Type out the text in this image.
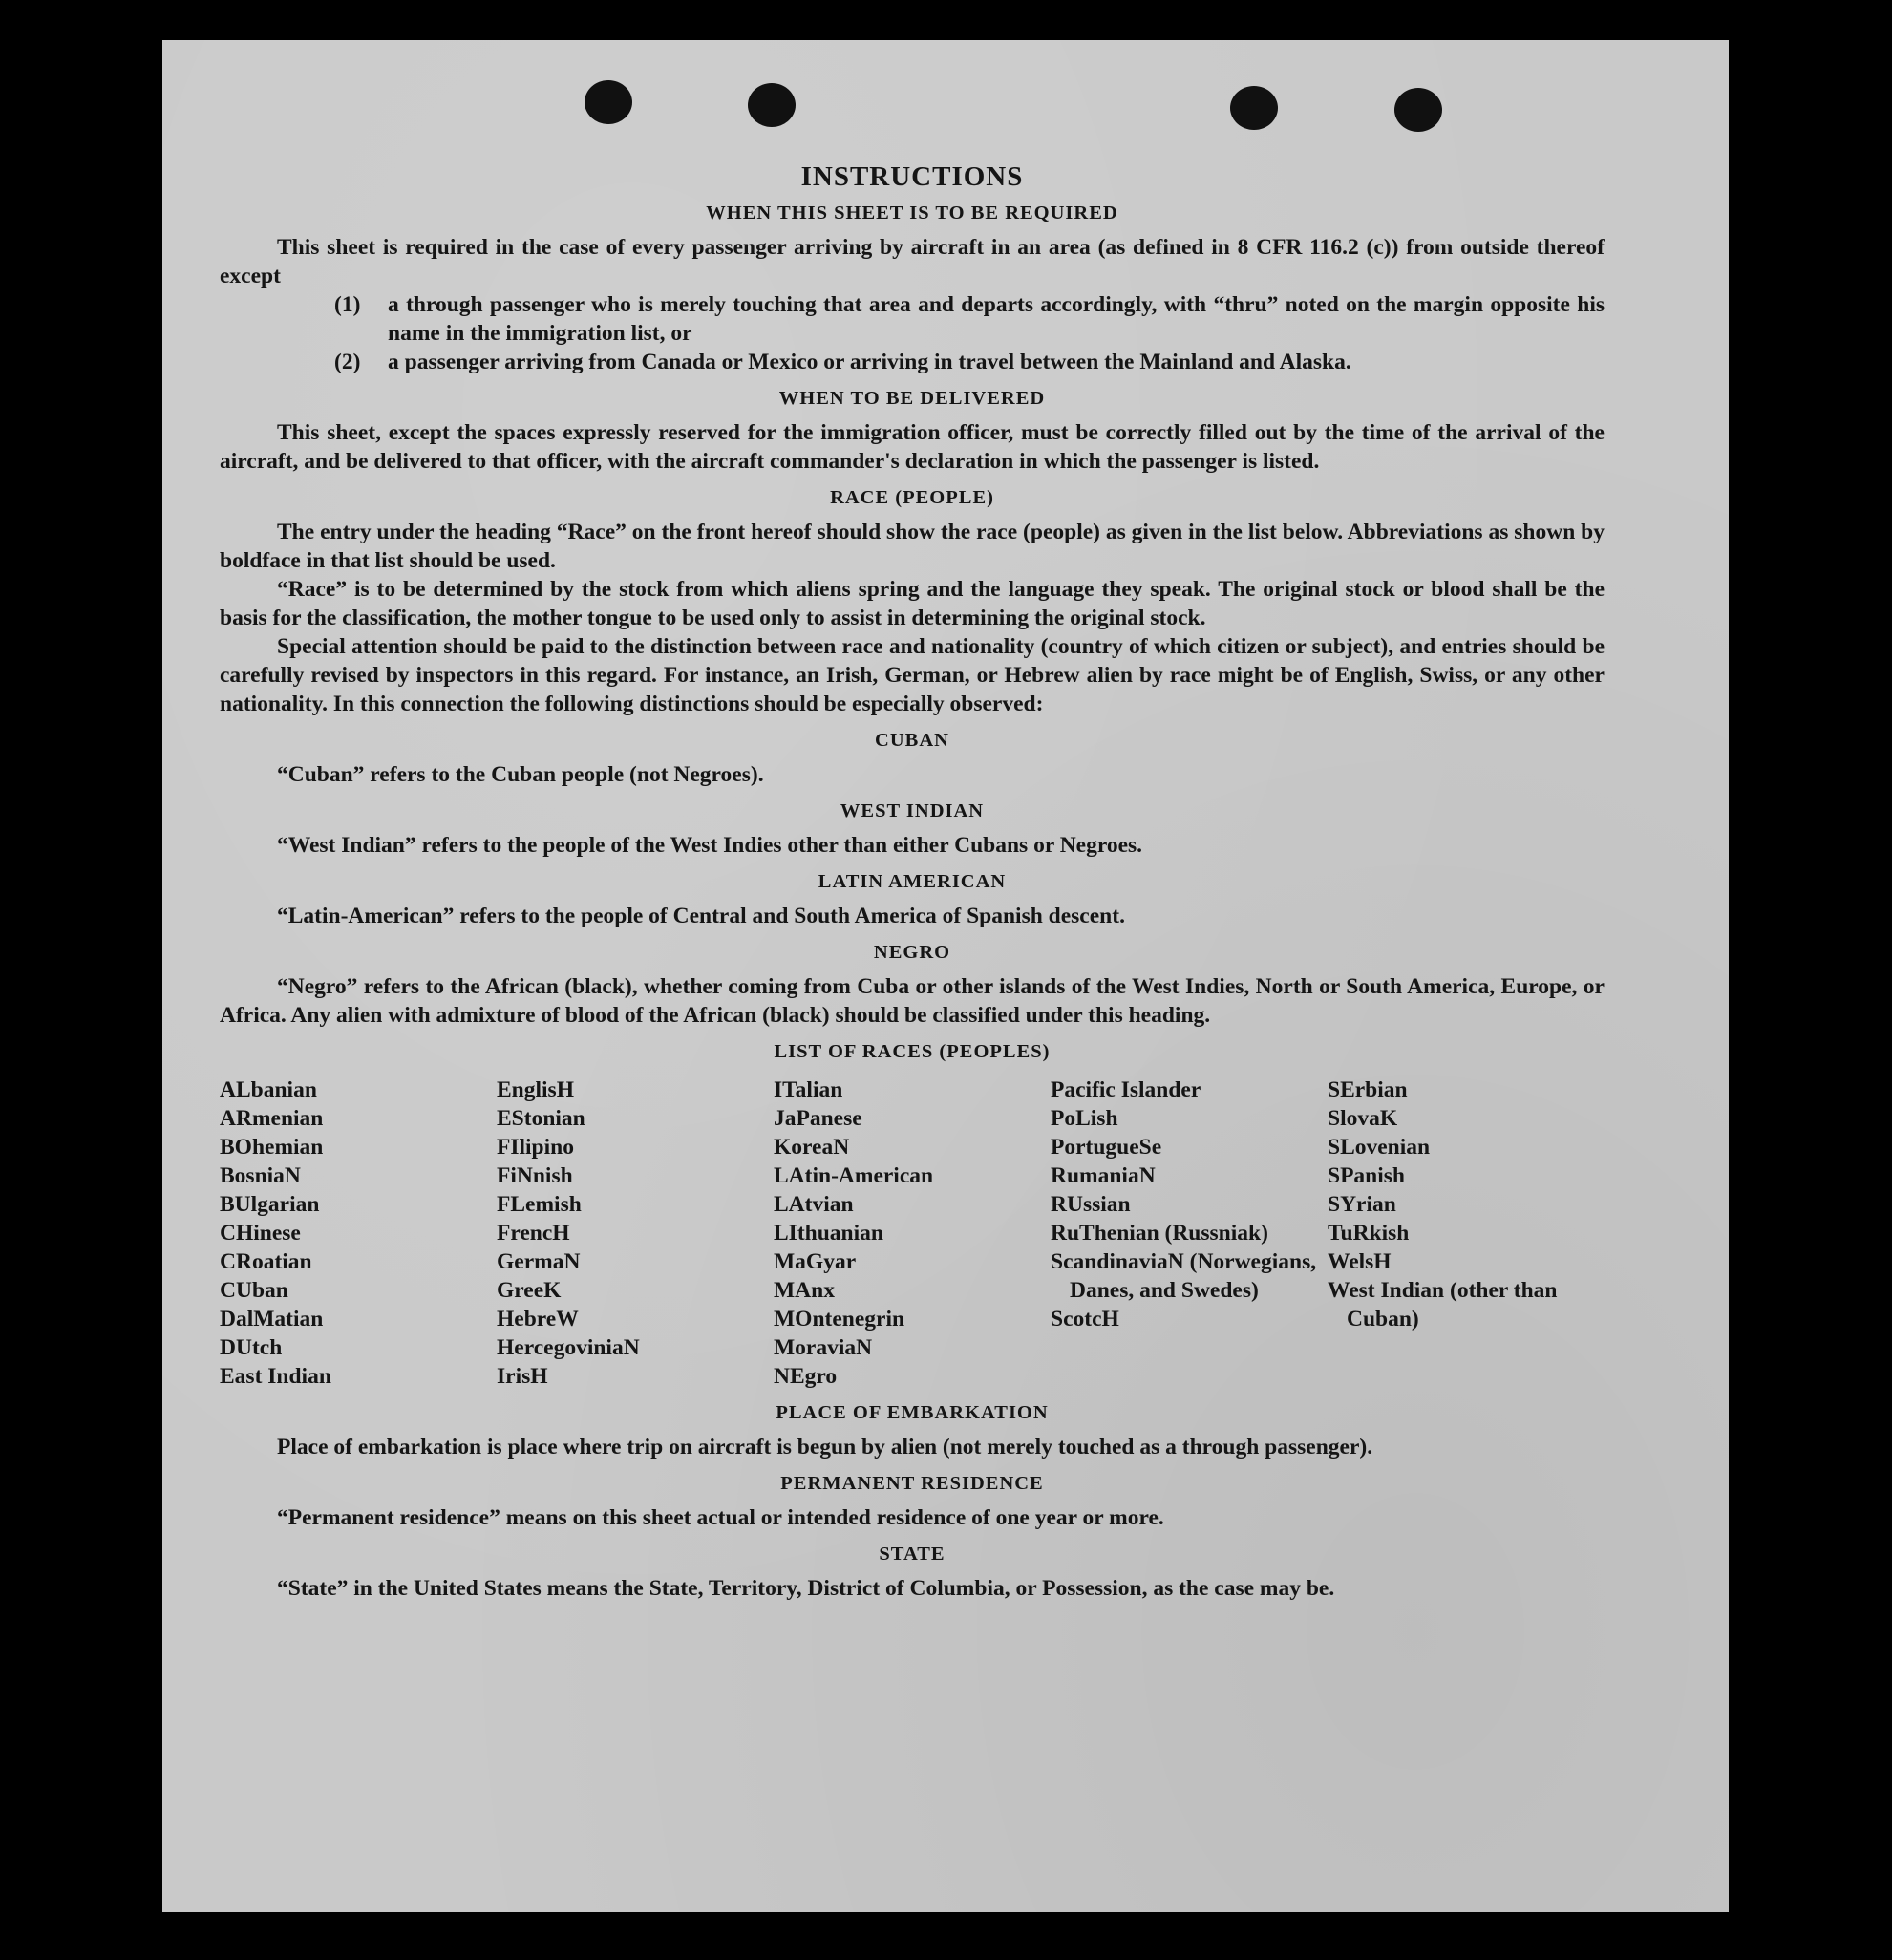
INSTRUCTIONS
WHEN THIS SHEET IS TO BE REQUIRED

This sheet is required in the case of every passenger arriving by aircraft in an area (as defined in 8 CFR 116.2 (c)) from outside thereof except

(1)	a through passenger who is merely touching that area and departs accordingly, with “thru” noted on the margin opposite his name in the immigration list, or
(2)	a passenger arriving from Canada or Mexico or arriving in travel between the Mainland and Alaska.
WHEN TO BE DELIVERED

This sheet, except the spaces expressly reserved for the immigration officer, must be correctly filled out by the time of the arrival of the aircraft, and be delivered to that officer, with the aircraft commander's declaration in which the passenger is listed.

RACE (PEOPLE)

The entry under the heading “Race” on the front hereof should show the race (people) as given in the list below. Abbreviations as shown by boldface in that list should be used.

“Race” is to be determined by the stock from which aliens spring and the language they speak. The original stock or blood shall be the basis for the classification, the mother tongue to be used only to assist in determining the original stock.

Special attention should be paid to the distinction between race and nationality (country of which citizen or subject), and entries should be carefully revised by inspectors in this regard. For instance, an Irish, German, or Hebrew alien by race might be of English, Swiss, or any other nationality. In this connection the following distinctions should be especially observed:

CUBAN

“Cuban” refers to the Cuban people (not Negroes).

WEST INDIAN

“West Indian” refers to the people of the West Indies other than either Cubans or Negroes.

LATIN AMERICAN

“Latin-American” refers to the people of Central and South America of Spanish descent.

NEGRO

“Negro” refers to the African (black), whether coming from Cuba or other islands of the West Indies, North or South America, Europe, or Africa. Any alien with admixture of blood of the African (black) should be classified under this heading.

LIST OF RACES (PEOPLES)
ALbanian
ARmenian
BOhemian
BosniaN
BUlgarian
CHinese
CRoatian
CUban
DalMatian
DUtch
East Indian
EnglisH
EStonian
FIlipino
FiNnish
FLemish
FrencH
GermaN
GreeK
HebreW
HercegoviniaN
IrisH
ITalian
JaPanese
KoreaN
LAtin-American
LAtvian
LIthuanian
MaGyar
MAnx
MOntenegrin
MoraviaN
NEgro
Pacific Islander
PoLish
PortugueSe
RumaniaN
RUssian
RuThenian (Russniak)
ScandinaviaN (Norwegians, Danes, and Swedes)
ScotcH
SErbian
SlovaK
SLovenian
SPanish
SYrian
TuRkish
WelsH
West Indian (other than Cuban)
PLACE OF EMBARKATION

Place of embarkation is place where trip on aircraft is begun by alien (not merely touched as a through passenger).

PERMANENT RESIDENCE

“Permanent residence” means on this sheet actual or intended residence of one year or more.

STATE

“State” in the United States means the State, Territory, District of Columbia, or Possession, as the case may be.
